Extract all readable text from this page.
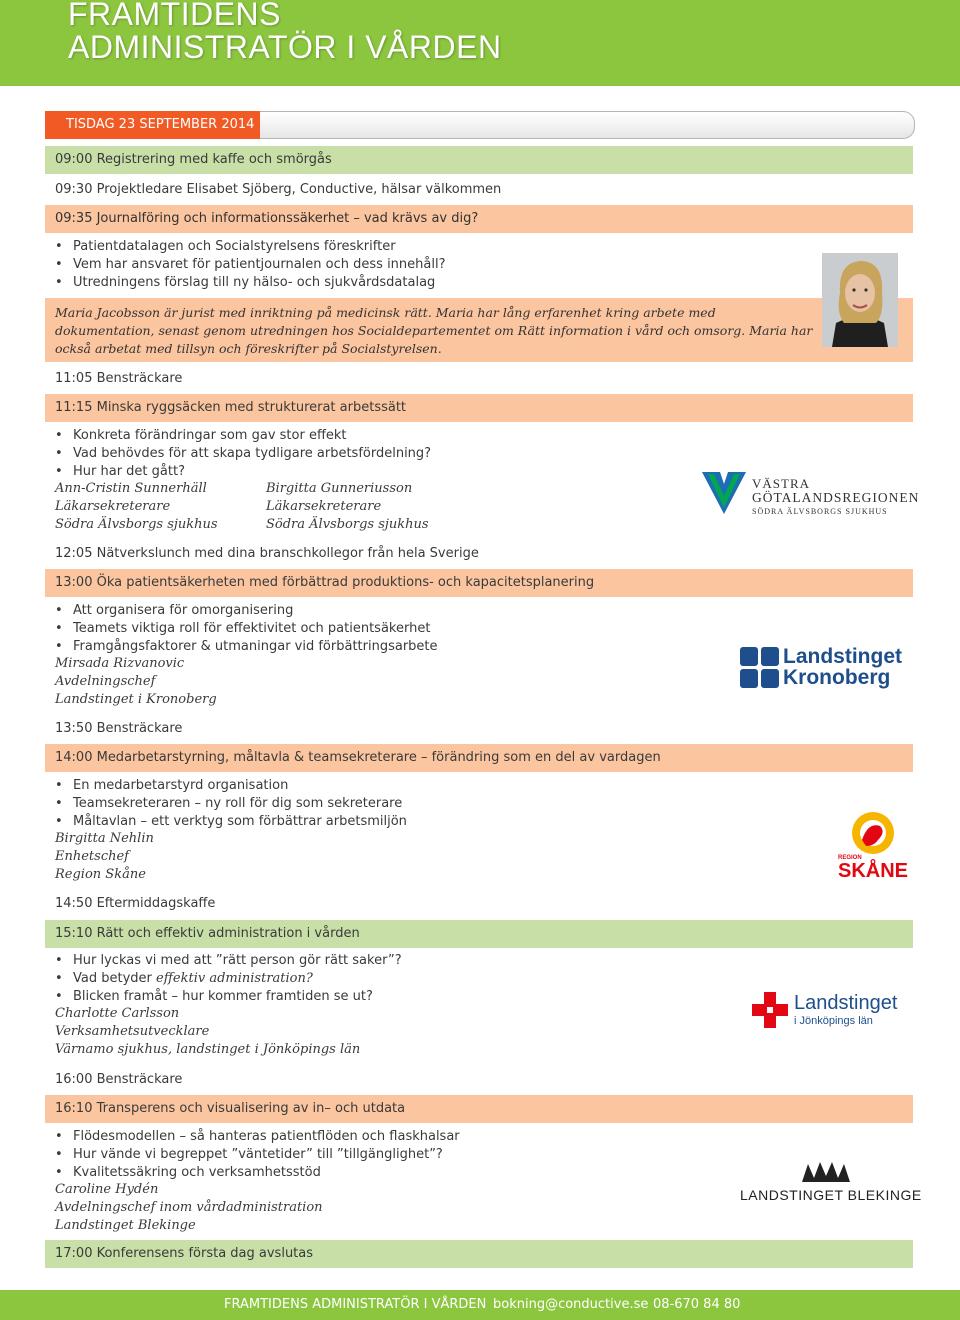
FRAMTIDENS
ADMINISTRATÖR I VÅRDEN
TISDAG 23 SEPTEMBER 2014
09:00 Registrering med kaffe och smörgås
09:30 Projektledare Elisabet Sjöberg, Conductive, hälsar välkommen
09:35 Journalföring och informationssäkerhet – vad krävs av dig?
• Patientdatalagen och Socialstyrelsens föreskrifter
• Vem har ansvaret för patientjournalen och dess innehåll?
• Utredningens förslag till ny hälso- och sjukvårdsdatalag
Maria Jacobsson är jurist med inriktning på medicinsk rätt. Maria har lång erfarenhet kring arbete med dokumentation, senast genom utredningen hos Socialdepartementet om Rätt information i vård och omsorg. Maria har också arbetat med tillsyn och föreskrifter på Socialstyrelsen.
11:05 Bensträckare
11:15 Minska ryggsäcken med strukturerat arbetssätt
• Konkreta förändringar som gav stor effekt
• Vad behövdes för att skapa tydligare arbetsfördelning?
• Hur har det gått?
Ann-Cristin Sunnerhäll
Läkarsekreterare
Södra Älvsborgs sjukhus
Birgitta Gunneriusson
Läkarsekreterare
Södra Älvsborgs sjukhus
12:05 Nätverkslunch med dina branschkollegor från hela Sverige
13:00 Öka patientsäkerheten med förbättrad produktions- och kapacitetsplanering
• Att organisera för omorganisering
• Teamets viktiga roll för effektivitet och patientsäkerhet
• Framgångsfaktorer & utmaningar vid förbättringsarbete
Mirsada Rizvanovic
Avdelningschef
Landstinget i Kronoberg
13:50 Bensträckare
14:00 Medarbetarstyrning, måltavla & teamsekreterare – förändring som en del av vardagen
• En medarbetarstyrd organisation
• Teamsekreteraren – ny roll för dig som sekreterare
• Måltavlan – ett verktyg som förbättrar arbetsmiljön
Birgitta Nehlin
Enhetschef
Region Skåne
14:50 Eftermiddagskaffe
15:10 Rätt och effektiv administration i vården
• Hur lyckas vi med att ”rätt person gör rätt saker”?
• Vad betyder effektiv administration?
• Blicken framåt – hur kommer framtiden se ut?
Charlotte Carlsson
Verksamhetsutvecklare
Värnamo sjukhus, landstinget i Jönköpings län
16:00 Bensträckare
16:10 Transperens och visualisering av in– och utdata
• Flödesmodellen – så hanteras patientflöden och flaskhalsar
• Hur vände vi begreppet ”väntetider” till ”tillgänglighet”?
• Kvalitetssäkring och verksamhetsstöd
Caroline Hydén
Avdelningschef inom vårdadministration
Landstinget Blekinge
17:00 Konferensens första dag avslutas
VÄSTRA
GÖTALANDSREGIONEN
SÖDRA ÄLVSBORGS SJUKHUS
Landstinget
Kronoberg
REGION
SKÅNE
Landstinget
i Jönköpings län
LANDSTINGET BLEKINGE
FRAMTIDENS ADMINISTRATÖR I VÅRDEN bokning@conductive.se 08-670 84 80
